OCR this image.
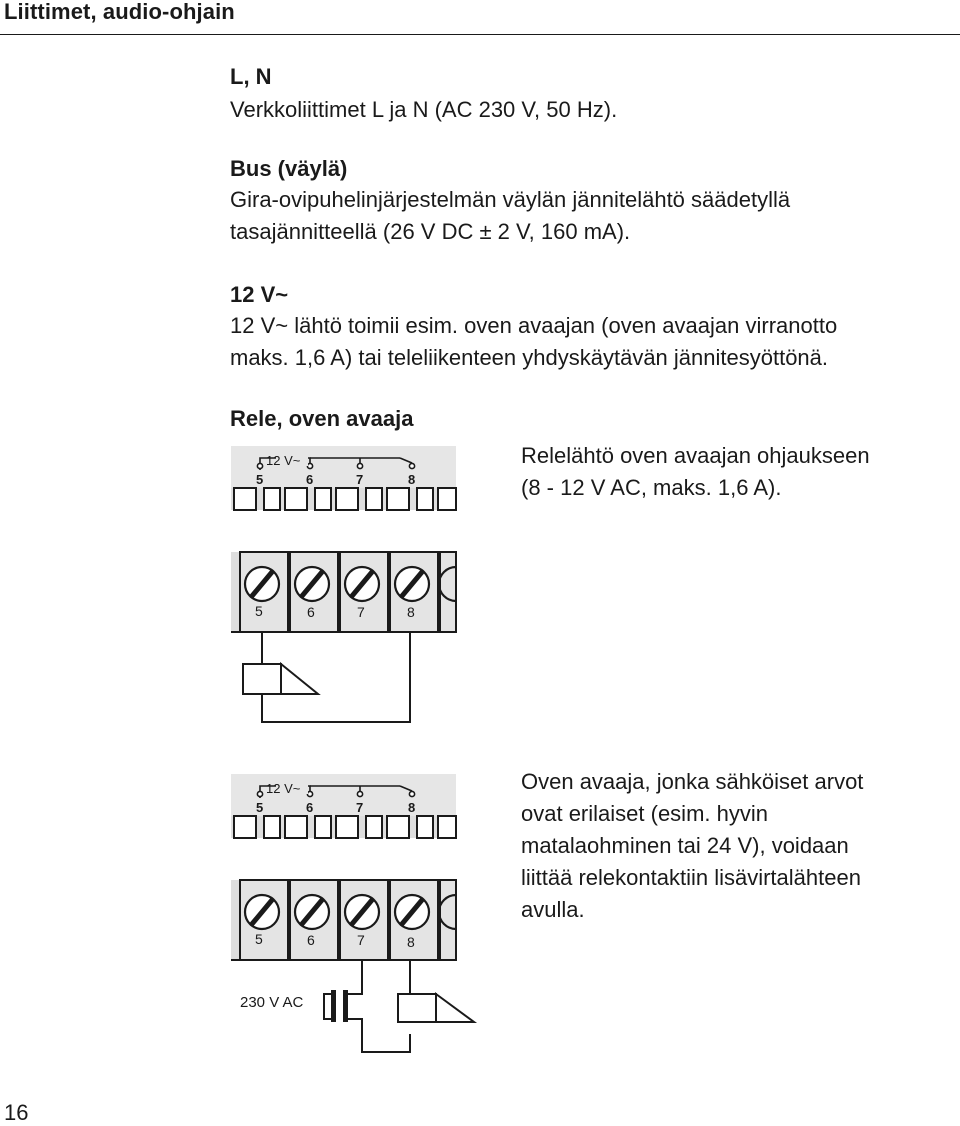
Liittimet, audio-ohjain
L, N
Verkkoliittimet L ja N (AC 230 V, 50 Hz).
Bus (väylä)
Gira-ovipuhelinjärjestelmän väylän jännitelähtö säädetyllä
tasajännitteellä (26 V DC ± 2 V, 160 mA).
12 V~
12 V~ lähtö toimii esim. oven avaajan (oven avaajan virranotto
maks. 1,6 A) tai teleliikenteen yhdyskäytävän jännitesyöttönä.
Rele, oven avaaja
Relelähtö oven avaajan ohjaukseen
(8 - 12 V AC, maks. 1,6 A).
Oven avaaja, jonka sähköiset arvot
ovat erilaiset (esim. hyvin
matalaohminen tai 24 V), voidaan
liittää relekontaktiin lisävirtalähteen
avulla.
12 V~
5	6	7	8
5	6	7	8
12 V~
5	6	7	8
5	6	7	8
230 V AC
16
